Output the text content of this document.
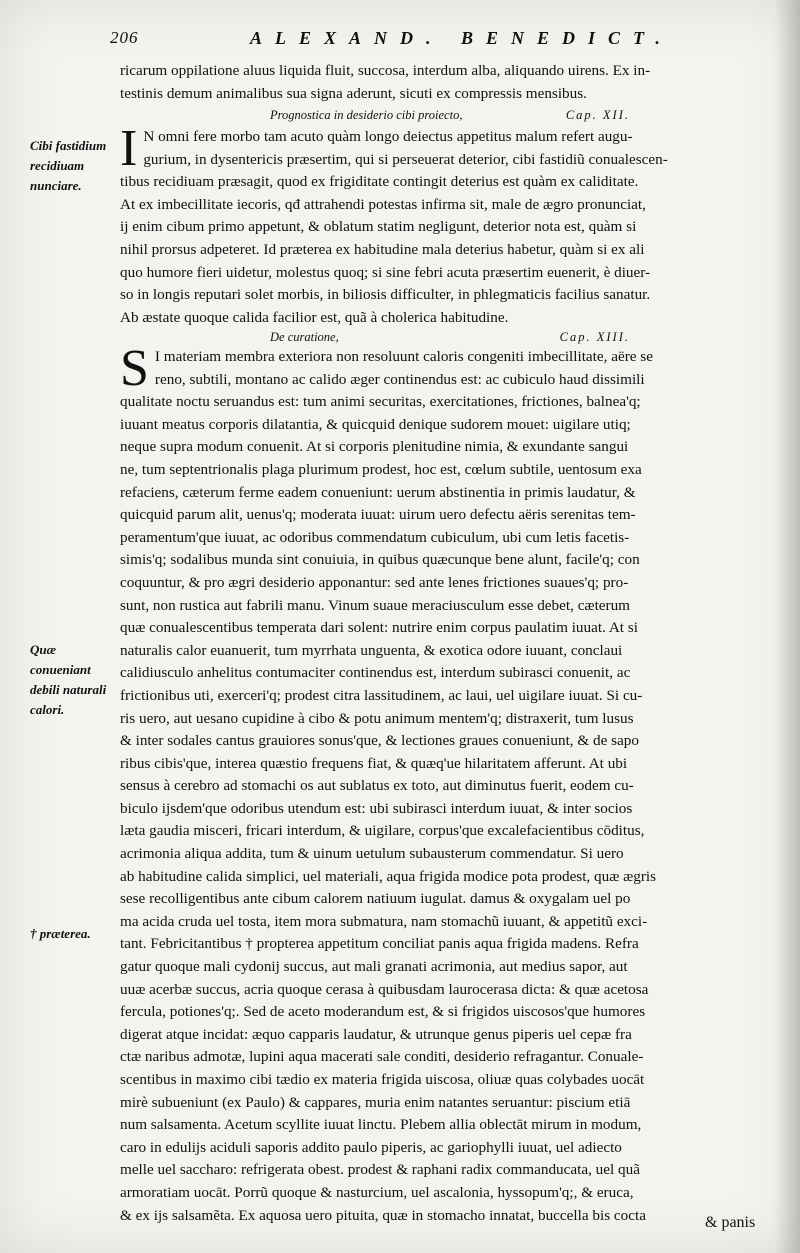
206	ALEXAND. BENEDICT.
ricarum oppilatione aluus liquida fluit, succosa, interdum alba, aliquando uirens. Ex in-
testinis demum animalibus sua signa aderunt, sicuti ex compressis mensibus.
Prognostica in desiderio cibi proiecto,	Cap. XII.
Cibi fastidium recidiuam nunciare.
I N omni fere morbo tam acuto quàm longo deiectus appetitus malum refert augu-
gurium, in dysentericis præsertim, qui si perseuerat deterior, cibi fastidiũ conualescen-
tibus recidiuam præsagit, quod ex frigiditate contingit deterius est quàm ex caliditate.
At ex imbecillitate iecoris, qđ attrahendi potestas infirma sit, male de ægro pronunciat,
ij enim cibum primo appetunt, & oblatum statim negligunt, deterior nota est, quàm si
nihil prorsus adpeteret. Id præterea ex habitudine mala deterius habetur, quàm si ex ali
quo humore fieri uidetur, molestus quoq; si sine febri acuta præsertim euenerit, è diuer-
so in longis reputari solet morbis, in biliosis difficulter, in phlegmaticis facilius sanatur.
Ab æstate quoque calida facilior est, quã à cholerica habitudine.
De curatione,	Cap. XIII.
Quæ conueniant debili naturali calori.
† præterea.
S I materiam membra exteriora non resoluunt caloris congeniti imbecillitate, aëre se
reno, subtili, montano ac calido æger continendus est: ac cubiculo haud dissimili
qualitate noctu seruandus est: tum animi securitas, exercitationes, frictiones, balnea'q;
iuuant meatus corporis dilatantia, & quicquid denique sudorem mouet: uigilare utiq;
neque supra modum conuenit. At si corporis plenitudine nimia, & exundante sangui
ne, tum septentrionalis plaga plurimum prodest, hoc est, cœlum subtile, uentosum exa
refaciens, cæterum ferme eadem conueniunt: uerum abstinentia in primis laudatur, &
quicquid parum alit, uenus'q; moderata iuuat: uirum uero defectu aëris serenitas tem-
peramentum'que iuuat, ac odoribus commendatum cubiculum, ubi cum letis facetis-
simis'q; sodalibus munda sint conuiuia, in quibus quæcunque bene alunt, facile'q; con
coquuntur, & pro ægri desiderio apponantur: sed ante lenes frictiones suaues'q; pro-
sunt, non rustica aut fabrili manu. Vinum suaue meraciusculum esse debet, cæterum
quæ conualescentibus temperata dari solent: nutrire enim corpus paulatim iuuat. At si
naturalis calor euanuerit, tum myrrhata unguenta, & exotica odore iuuant, conclaui
calidiusculo anhelitus contumaciter continendus est, interdum subirasci conuenit, ac
frictionibus uti, exerceri'q; prodest citra lassitudinem, ac laui, uel uigilare iuuat. Si cu-
ris uero, aut uesano cupidine à cibo & potu animum mentem'q; distraxerit, tum lusus
& inter sodales cantus grauiores sonus'que, & lectiones graues conueniunt, & de sapo
ribus cibis'que, interea quæstio frequens fiat, & quæq'ue hilaritatem afferunt. At ubi
sensus à cerebro ad stomachi os aut sublatus ex toto, aut diminutus fuerit, eodem cu-
biculo ijsdem'que odoribus utendum est: ubi subirasci interdum iuuat, & inter socios
læta gaudia misceri, fricari interdum, & uigilare, corpus'que excalefacientibus cōditus,
acrimonia aliqua addita, tum & uinum uetulum subausterum commendatur. Si uero
ab habitudine calida simplici, uel materiali, aqua frigida modice pota prodest, quæ ægris
sese recolligentibus ante cibum calorem natiuum iugulat. damus & oxygalam uel po
ma acida cruda uel tosta, item mora submatura, nam stomachũ iuuant, & appetitũ exci-
tant. Febricitantibus † propterea appetitum conciliat panis aqua frigida madens. Refra
gatur quoque mali cydonij succus, aut mali granati acrimonia, aut medius sapor, aut
uuæ acerbæ succus, acria quoque cerasa à quibusdam laurocerasa dicta: & quæ acetosa
fercula, potiones'q;. Sed de aceto moderandum est, & si frigidos uiscosos'que humores
digerat atque incidat: æquo capparis laudatur, & utrunque genus piperis uel cepæ fra
ctæ naribus admotæ, lupini aqua macerati sale conditi, desiderio refragantur. Conuale-
scentibus in maximo cibi tædio ex materia frigida uiscosa, oliuæ quas colybades uocāt
mirè subueniunt (ex Paulo) & cappares, muria enim natantes seruantur: piscium etiā
num salsamenta. Acetum scyllite iuuat linctu. Plebem allia oblectāt mirum in modum,
caro in edulijs aciduli saporis addito paulo piperis, ac gariophylli iuuat, uel adiecto
melle uel saccharo: refrigerata obest. prodest & raphani radix commanducata, uel quã
armoratiam uocāt. Porrũ quoque & nasturcium, uel ascalonia, hyssopum'q;, & eruca,
& ex ijs salsamẽta. Ex aquosa uero pituita, quæ in stomacho innatat, buccella bis cocta	& panis
